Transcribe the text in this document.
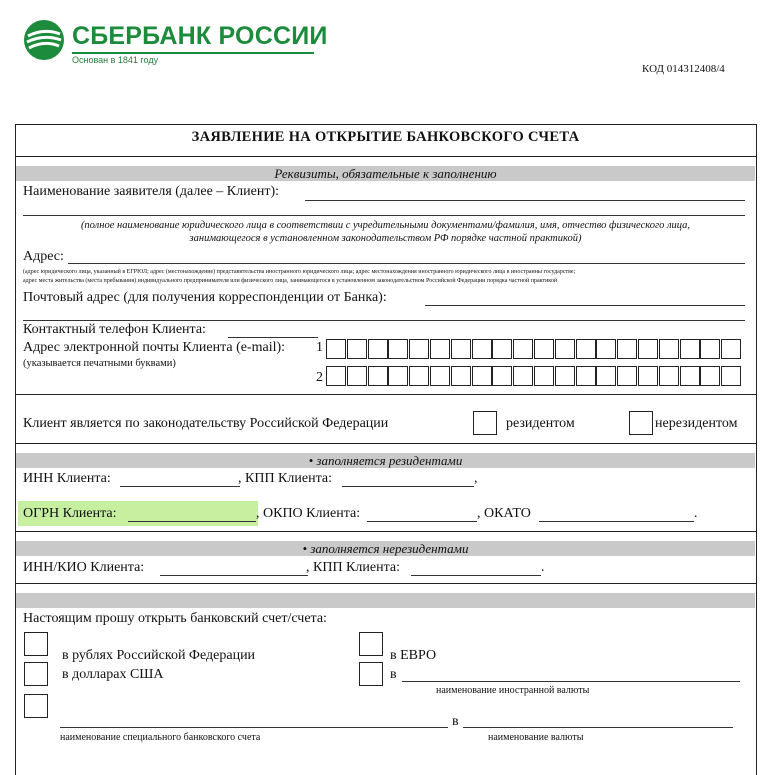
СБЕРБАНК РОССИИ
Основан в 1841 году
КОД 014312408/4
ЗАЯВЛЕНИЕ НА ОТКРЫТИЕ БАНКОВСКОГО СЧЕТА
Реквизиты, обязательные к заполнению
Наименование заявителя (далее – Клиент):
(полное наименование юридического лица в соответствии с учредительными документами/фамилия, имя, отчество физического лица,
занимающегося в установленном законодательством РФ порядке частной практикой)
Адрес:
(адрес юридического лица, указанный в ЕГРЮЛ; адрес (местонахождение) представительства иностранного юридического лица; адрес местонахождения иностранного юридического лица в иностранны государстве;
адрес места жительства (места пребывания) индивидуального предпринимателя или физического лица, занимающегося в установленном законодательством Российской Федерации порядка частной практикой
Почтовый адрес (для получения корреспонденции от Банка):
Контактный телефон Клиента:
Адрес электронной почты Клиента (e-mail):
(указывается печатными буквами)
1
2
Клиент является по законодательству Российской Федерации	резидентом	нерезидентом
• заполняется резидентами
ИНН Клиента:	, КПП Клиента:	,
ОГРН Клиента:	, ОКПО Клиента:	, ОКАТО	.
• заполняется нерезидентами
ИНН/КИО Клиента:	, КПП Клиента:	.
Настоящим прошу открыть банковский счет/счета:
в рублях Российской Федерации
в долларах США
в ЕВРО
в
наименование иностранной валюты
в
наименование специального банковского счета	наименование валюты
